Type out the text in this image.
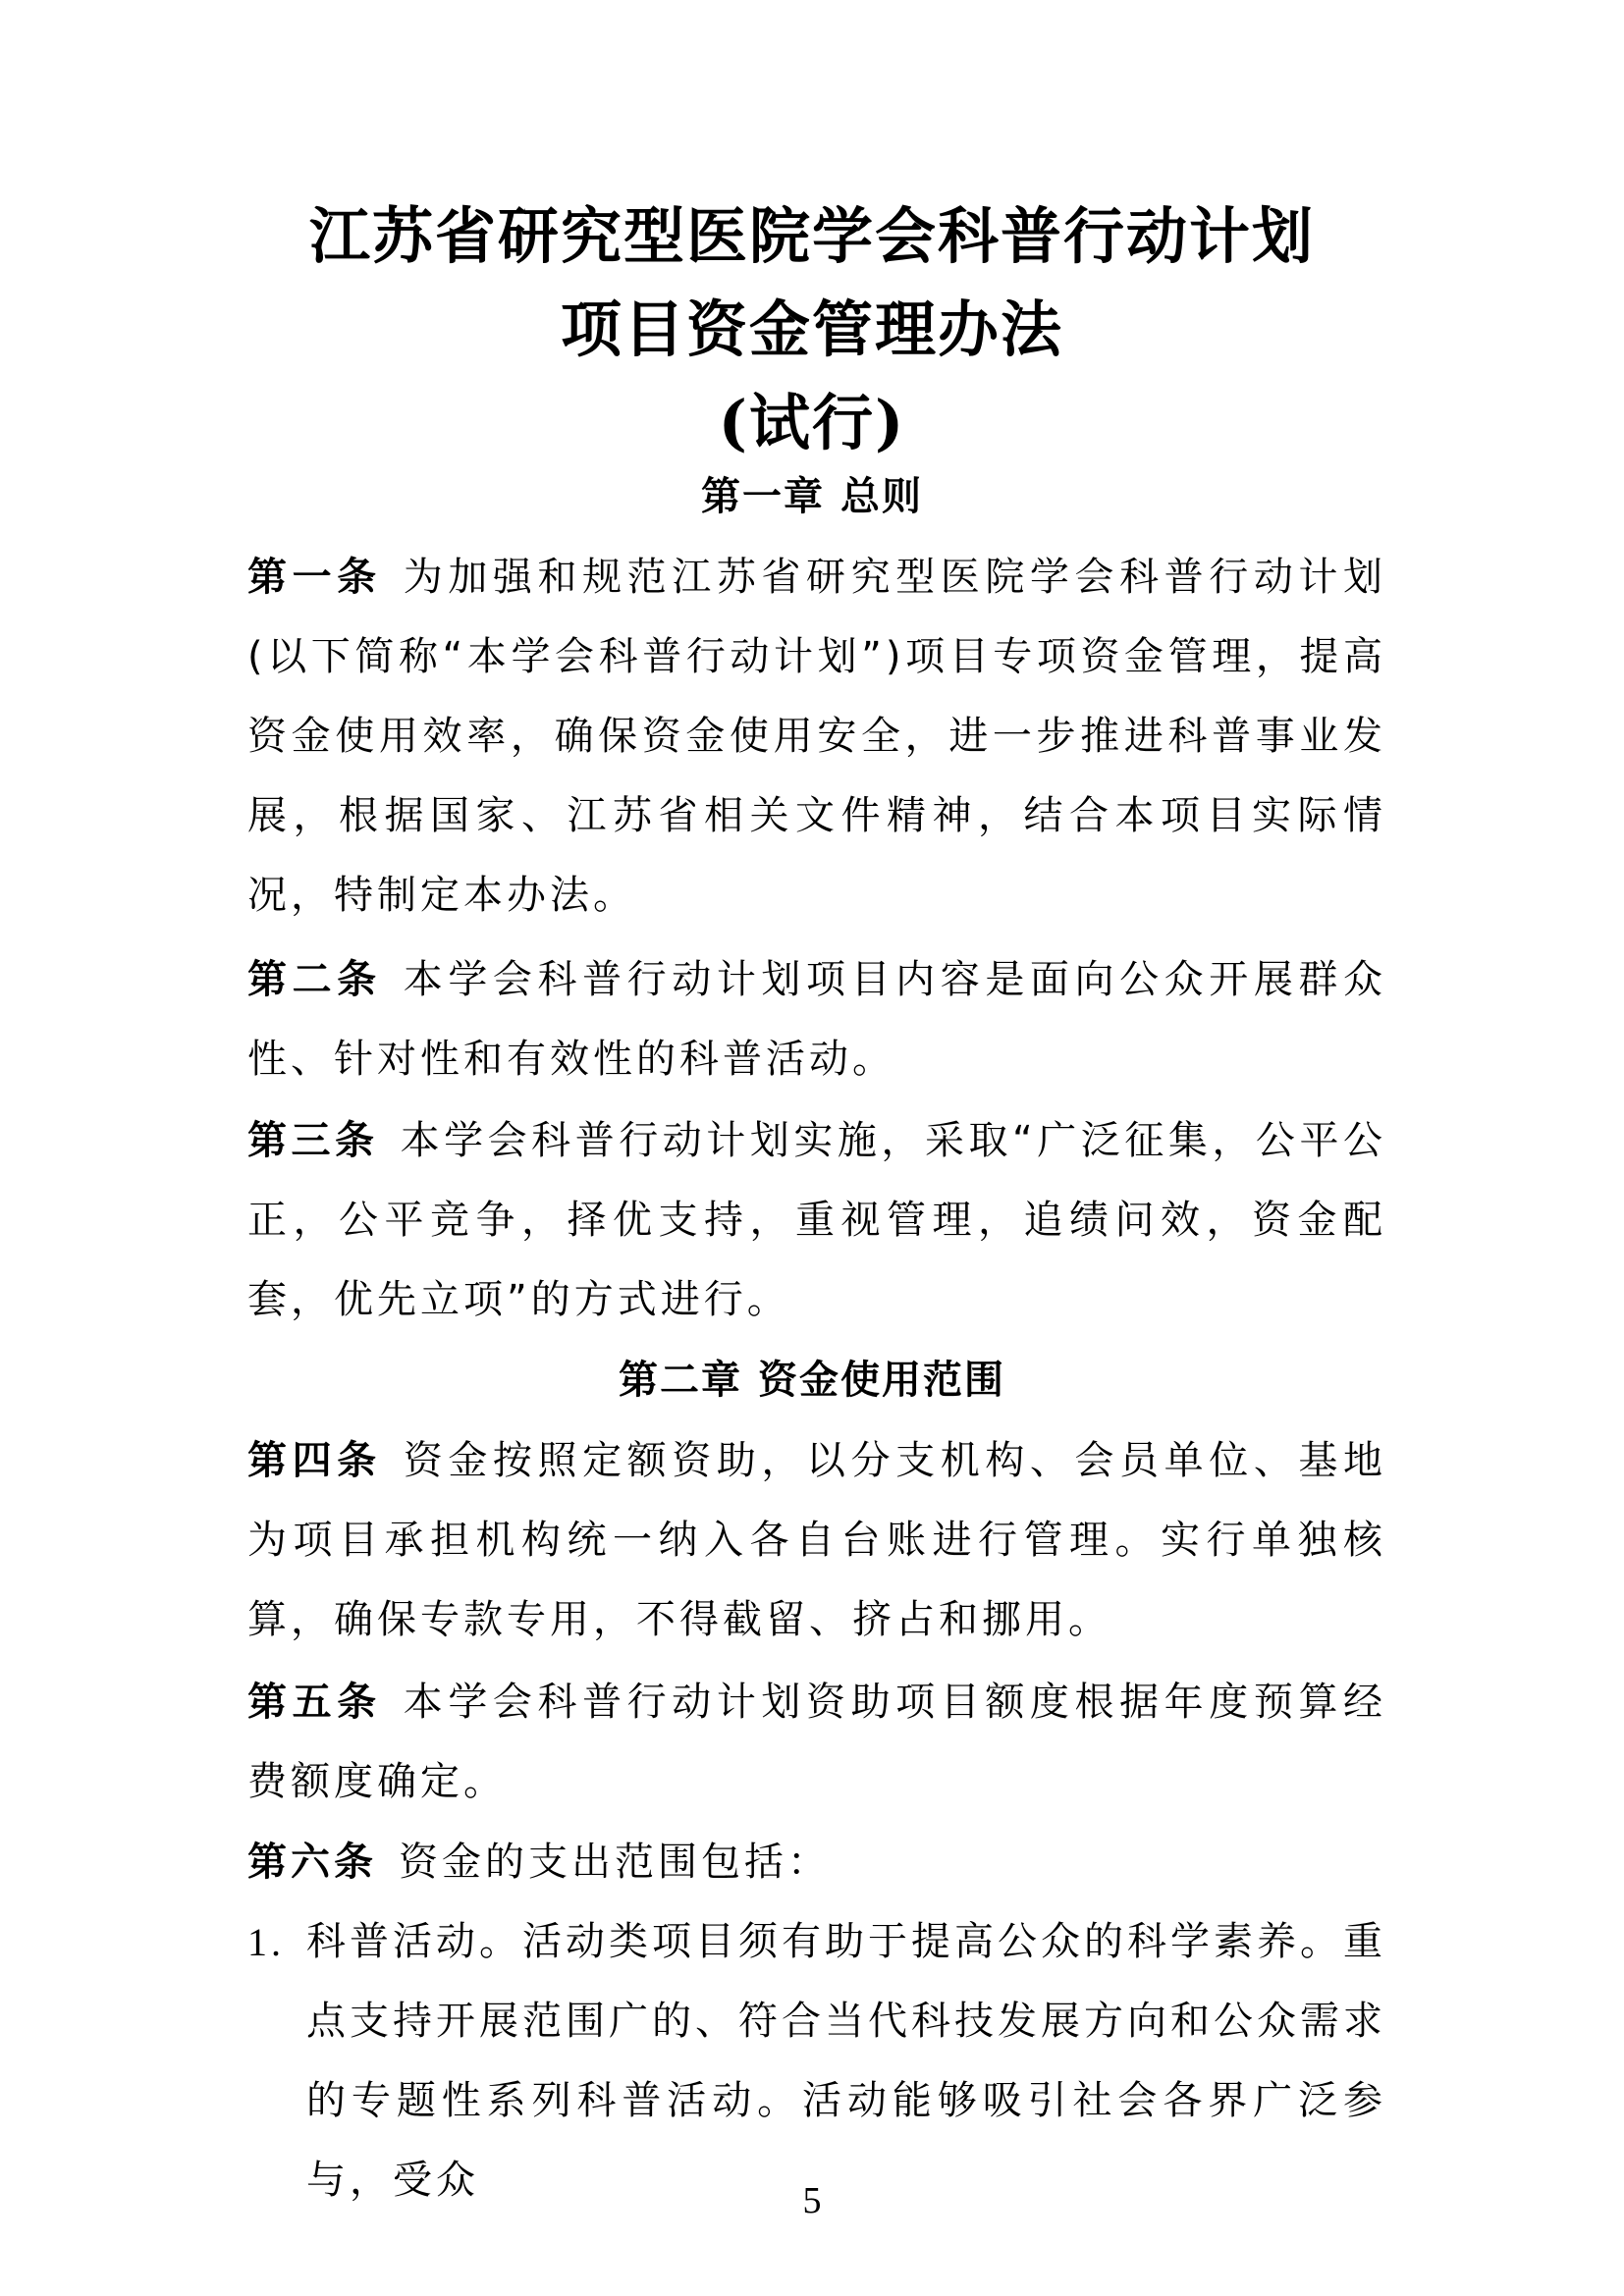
江苏省研究型医院学会科普行动计划
项目资金管理办法
(试行)
第一章 总则
第一条 为加强和规范江苏省研究型医院学会科普行动计划(以下简称“本学会科普行动计划”)项目专项资金管理，提高资金使用效率，确保资金使用安全，进一步推进科普事业发展，根据国家、江苏省相关文件精神，结合本项目实际情况，特制定本办法。
第二条 本学会科普行动计划项目内容是面向公众开展群众性、针对性和有效性的科普活动。
第三条 本学会科普行动计划实施，采取“广泛征集，公平公正，公平竞争，择优支持，重视管理，追绩问效，资金配套，优先立项”的方式进行。
第二章 资金使用范围
第四条 资金按照定额资助，以分支机构、会员单位、基地为项目承担机构统一纳入各自台账进行管理。实行单独核算，确保专款专用，不得截留、挤占和挪用。
第五条 本学会科普行动计划资助项目额度根据年度预算经费额度确定。
第六条 资金的支出范围包括：
1. 科普活动。活动类项目须有助于提高公众的科学素养。重点支持开展范围广的、符合当代科技发展方向和公众需求的专题性系列科普活动。活动能够吸引社会各界广泛参与，受众	5
